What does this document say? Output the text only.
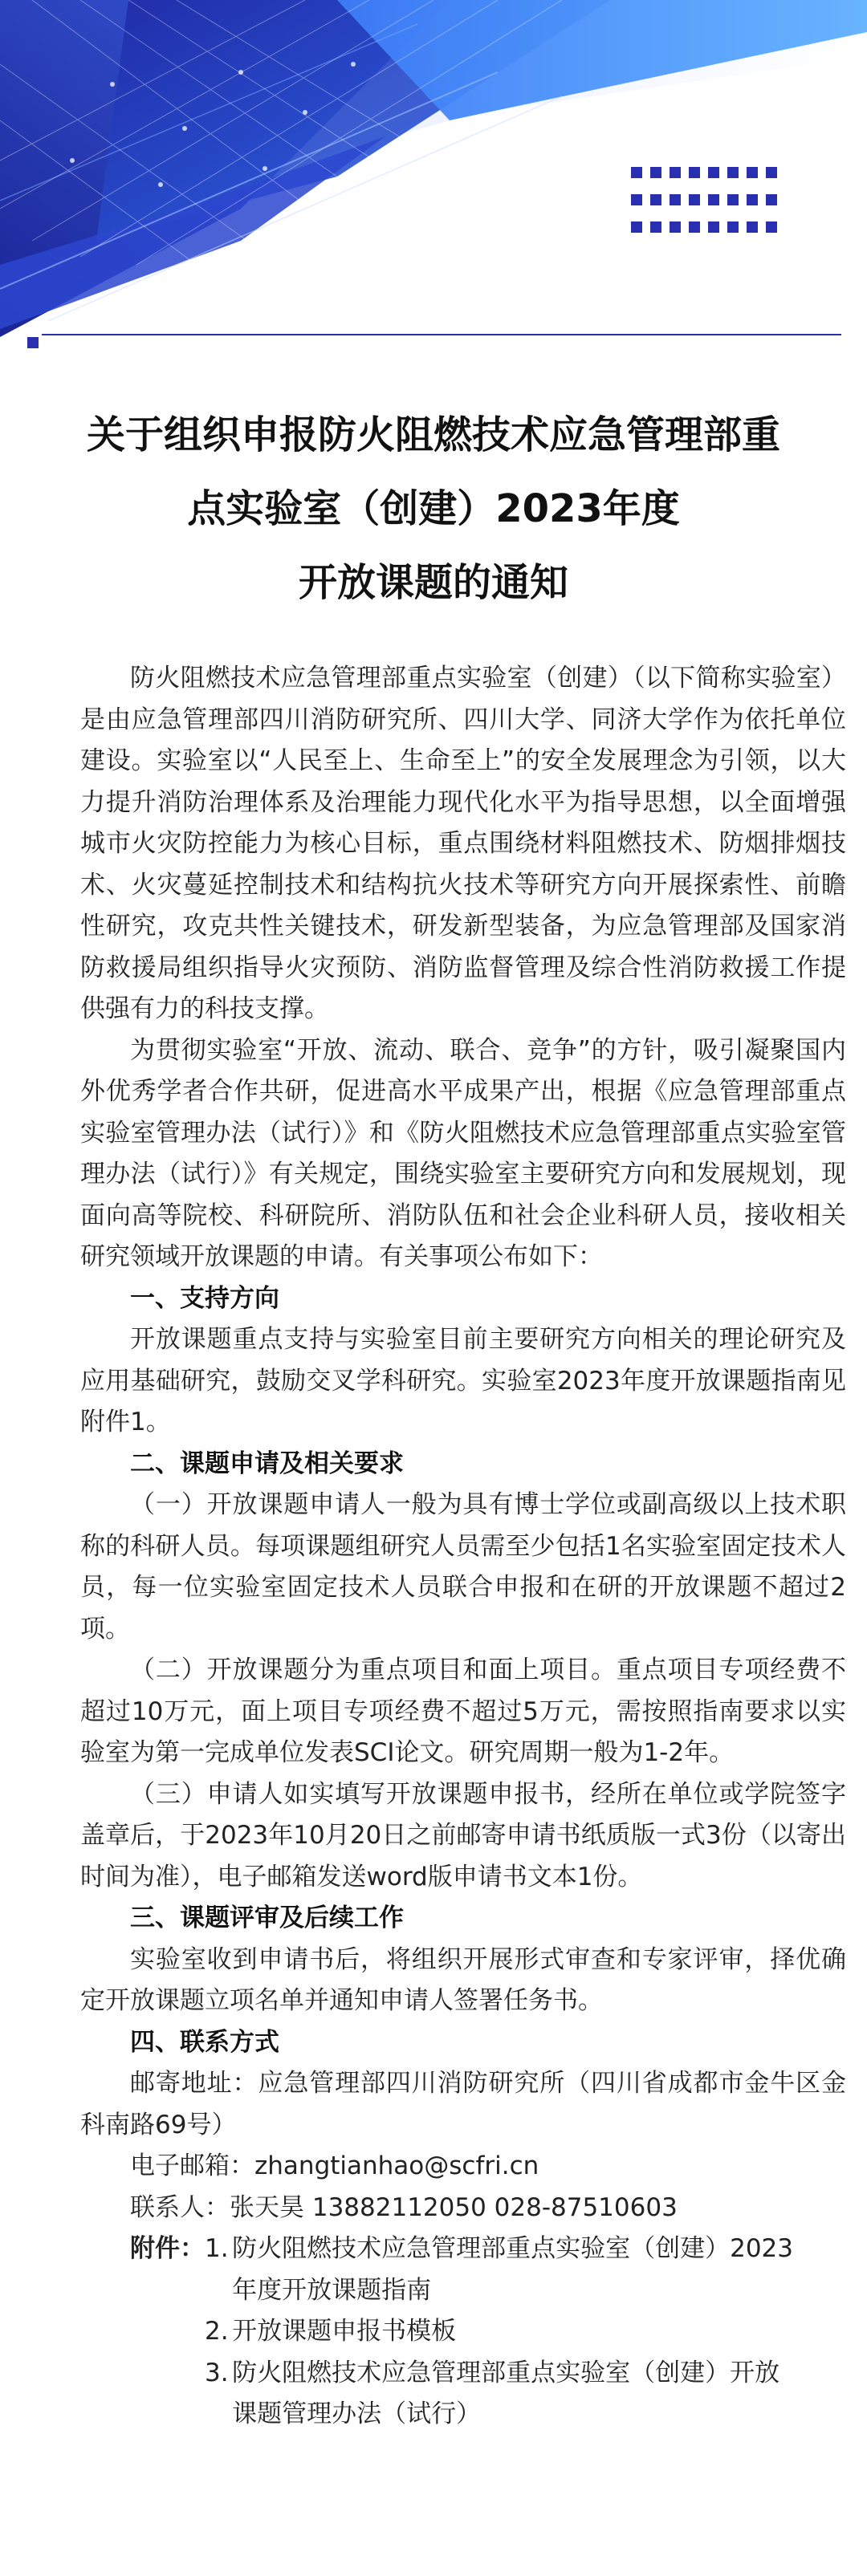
关于组织申报防火阻燃技术应急管理部重
点实验室（创建）2023年度
开放课题的通知

防火阻燃技术应急管理部重点实验室（创建）（以下简称实验室）是由应急管理部四川消防研究所、四川大学、同济大学作为依托单位建设。实验室以“人民至上、生命至上”的安全发展理念为引领，以大力提升消防治理体系及治理能力现代化水平为指导思想，以全面增强城市火灾防控能力为核心目标，重点围绕材料阻燃技术、防烟排烟技术、火灾蔓延控制技术和结构抗火技术等研究方向开展探索性、前瞻性研究，攻克共性关键技术，研发新型装备，为应急管理部及国家消防救援局组织指导火灾预防、消防监督管理及综合性消防救援工作提供强有力的科技支撑。

为贯彻实验室“开放、流动、联合、竞争”的方针，吸引凝聚国内外优秀学者合作共研，促进高水平成果产出，根据《应急管理部重点实验室管理办法（试行）》和《防火阻燃技术应急管理部重点实验室管理办法（试行）》有关规定，围绕实验室主要研究方向和发展规划，现面向高等院校、科研院所、消防队伍和社会企业科研人员，接收相关研究领域开放课题的申请。有关事项公布如下：

一、支持方向

开放课题重点支持与实验室目前主要研究方向相关的理论研究及应用基础研究，鼓励交叉学科研究。实验室2023年度开放课题指南见附件1。

二、课题申请及相关要求

（一）开放课题申请人一般为具有博士学位或副高级以上技术职称的科研人员。每项课题组研究人员需至少包括1名实验室固定技术人员，每一位实验室固定技术人员联合申报和在研的开放课题不超过2项。

（二）开放课题分为重点项目和面上项目。重点项目专项经费不超过10万元，面上项目专项经费不超过5万元，需按照指南要求以实验室为第一完成单位发表SCI论文。研究周期一般为1-2年。

（三）申请人如实填写开放课题申报书，经所在单位或学院签字盖章后，于2023年10月20日之前邮寄申请书纸质版一式3份（以寄出时间为准），电子邮箱发送word版申请书文本1份。

三、课题评审及后续工作

实验室收到申请书后，将组织开展形式审查和专家评审，择优确定开放课题立项名单并通知申请人签署任务书。

四、联系方式

邮寄地址：应急管理部四川消防研究所（四川省成都市金牛区金科南路69号）

电子邮箱：zhangtianhao@scfri.cn

联系人：张天昊 13882112050 028-87510603

附件： 1. 防火阻燃技术应急管理部重点实验室（创建）2023
年度开放课题指南
2. 开放课题申报书模板
3. 防火阻燃技术应急管理部重点实验室（创建）开放
课题管理办法（试行）
